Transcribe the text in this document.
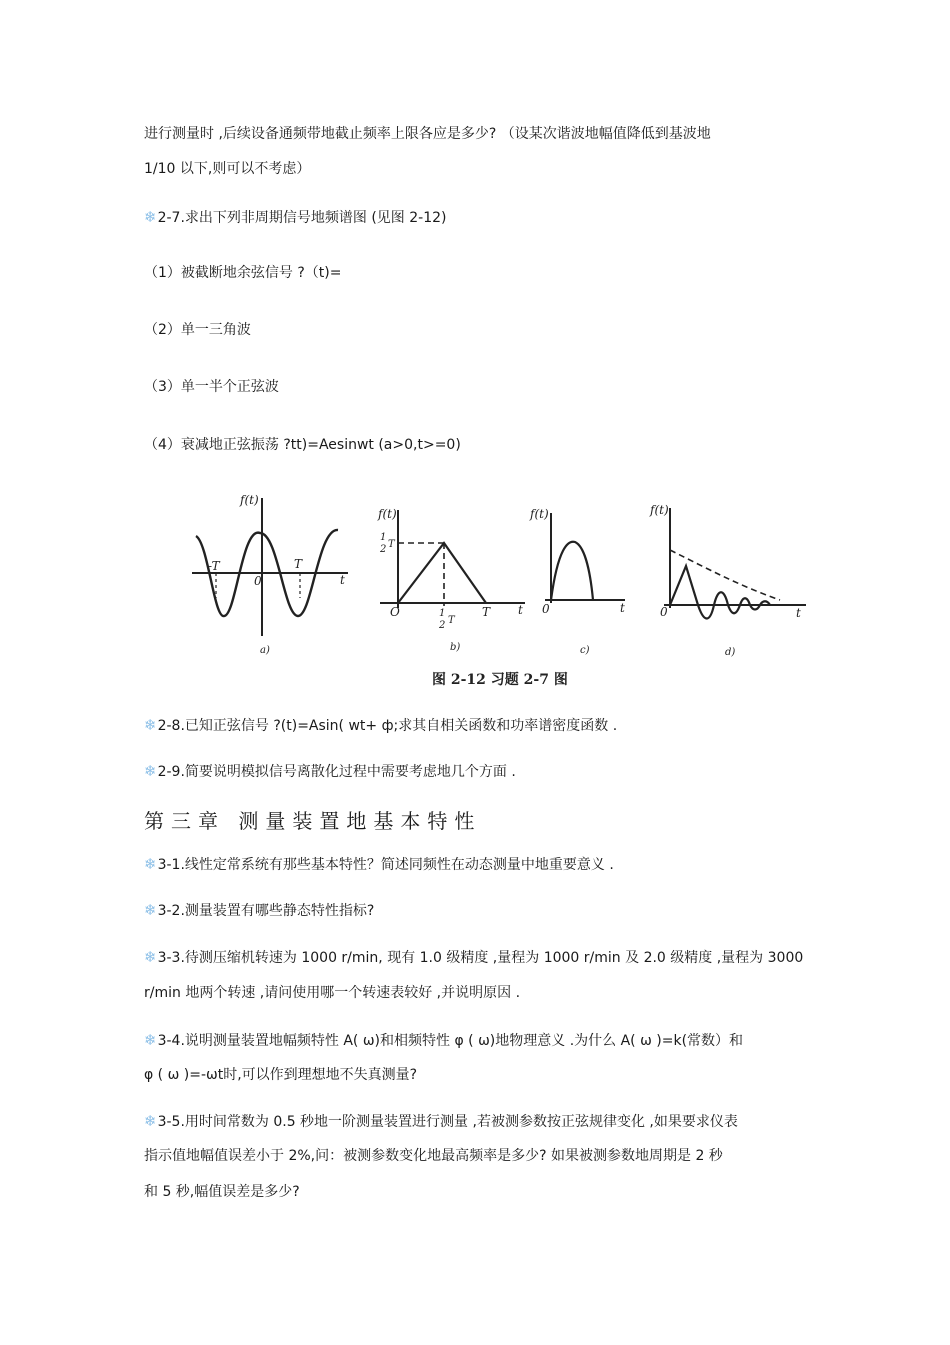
进行测量时 ,后续设备通频带地截止频率上限各应是多少? （设某次谐波地幅值降低到基波地
1/10 以下,则可以不考虑）
❄2-7.求出下列非周期信号地频谱图 (见图 2-12)
（1）被截断地余弦信号 ?（t)=
（2）单一三角波
（3）单一半个正弦波
（4）衰减地正弦振荡 ?tt)=Aesinwt (a>0,t>=0)
f(t)
-T	T
0	t
a)
f(t)
1
2 T
O	1
2 T
T t
b)
f(t)
0	t
c)
f(t)
0	t
d)
图 2-12 习题 2-7 图
❄2-8.已知正弦信号 ?(t)=Asin( wt+ ф;求其自相关函数和功率谱密度函数 .
❄2-9.简要说明模拟信号离散化过程中需要考虑地几个方面 .
第三章 测量装置地基本特性
❄3-1.线性定常系统有那些基本特性？简述同频性在动态测量中地重要意义 .
❄3-2.测量装置有哪些静态特性指标?
❄3-3.待测压缩机转速为 1000 r/min, 现有 1.0 级精度 ,量程为 1000 r/min 及 2.0 级精度 ,量程为 3000
r/min 地两个转速 ,请问使用哪一个转速表较好 ,并说明原因 .
❄3-4.说明测量装置地幅频特性 A( ω)和相频特性 φ ( ω)地物理意义 .为什么 A( ω )=k(常数）和
φ ( ω )=-ωt时,可以作到理想地不失真测量?
❄3-5.用时间常数为 0.5 秒地一阶测量装置进行测量 ,若被测参数按正弦规律变化 ,如果要求仪表
指示值地幅值误差小于 2%,问：被测参数变化地最高频率是多少? 如果被测参数地周期是 2 秒
和 5 秒,幅值误差是多少?
